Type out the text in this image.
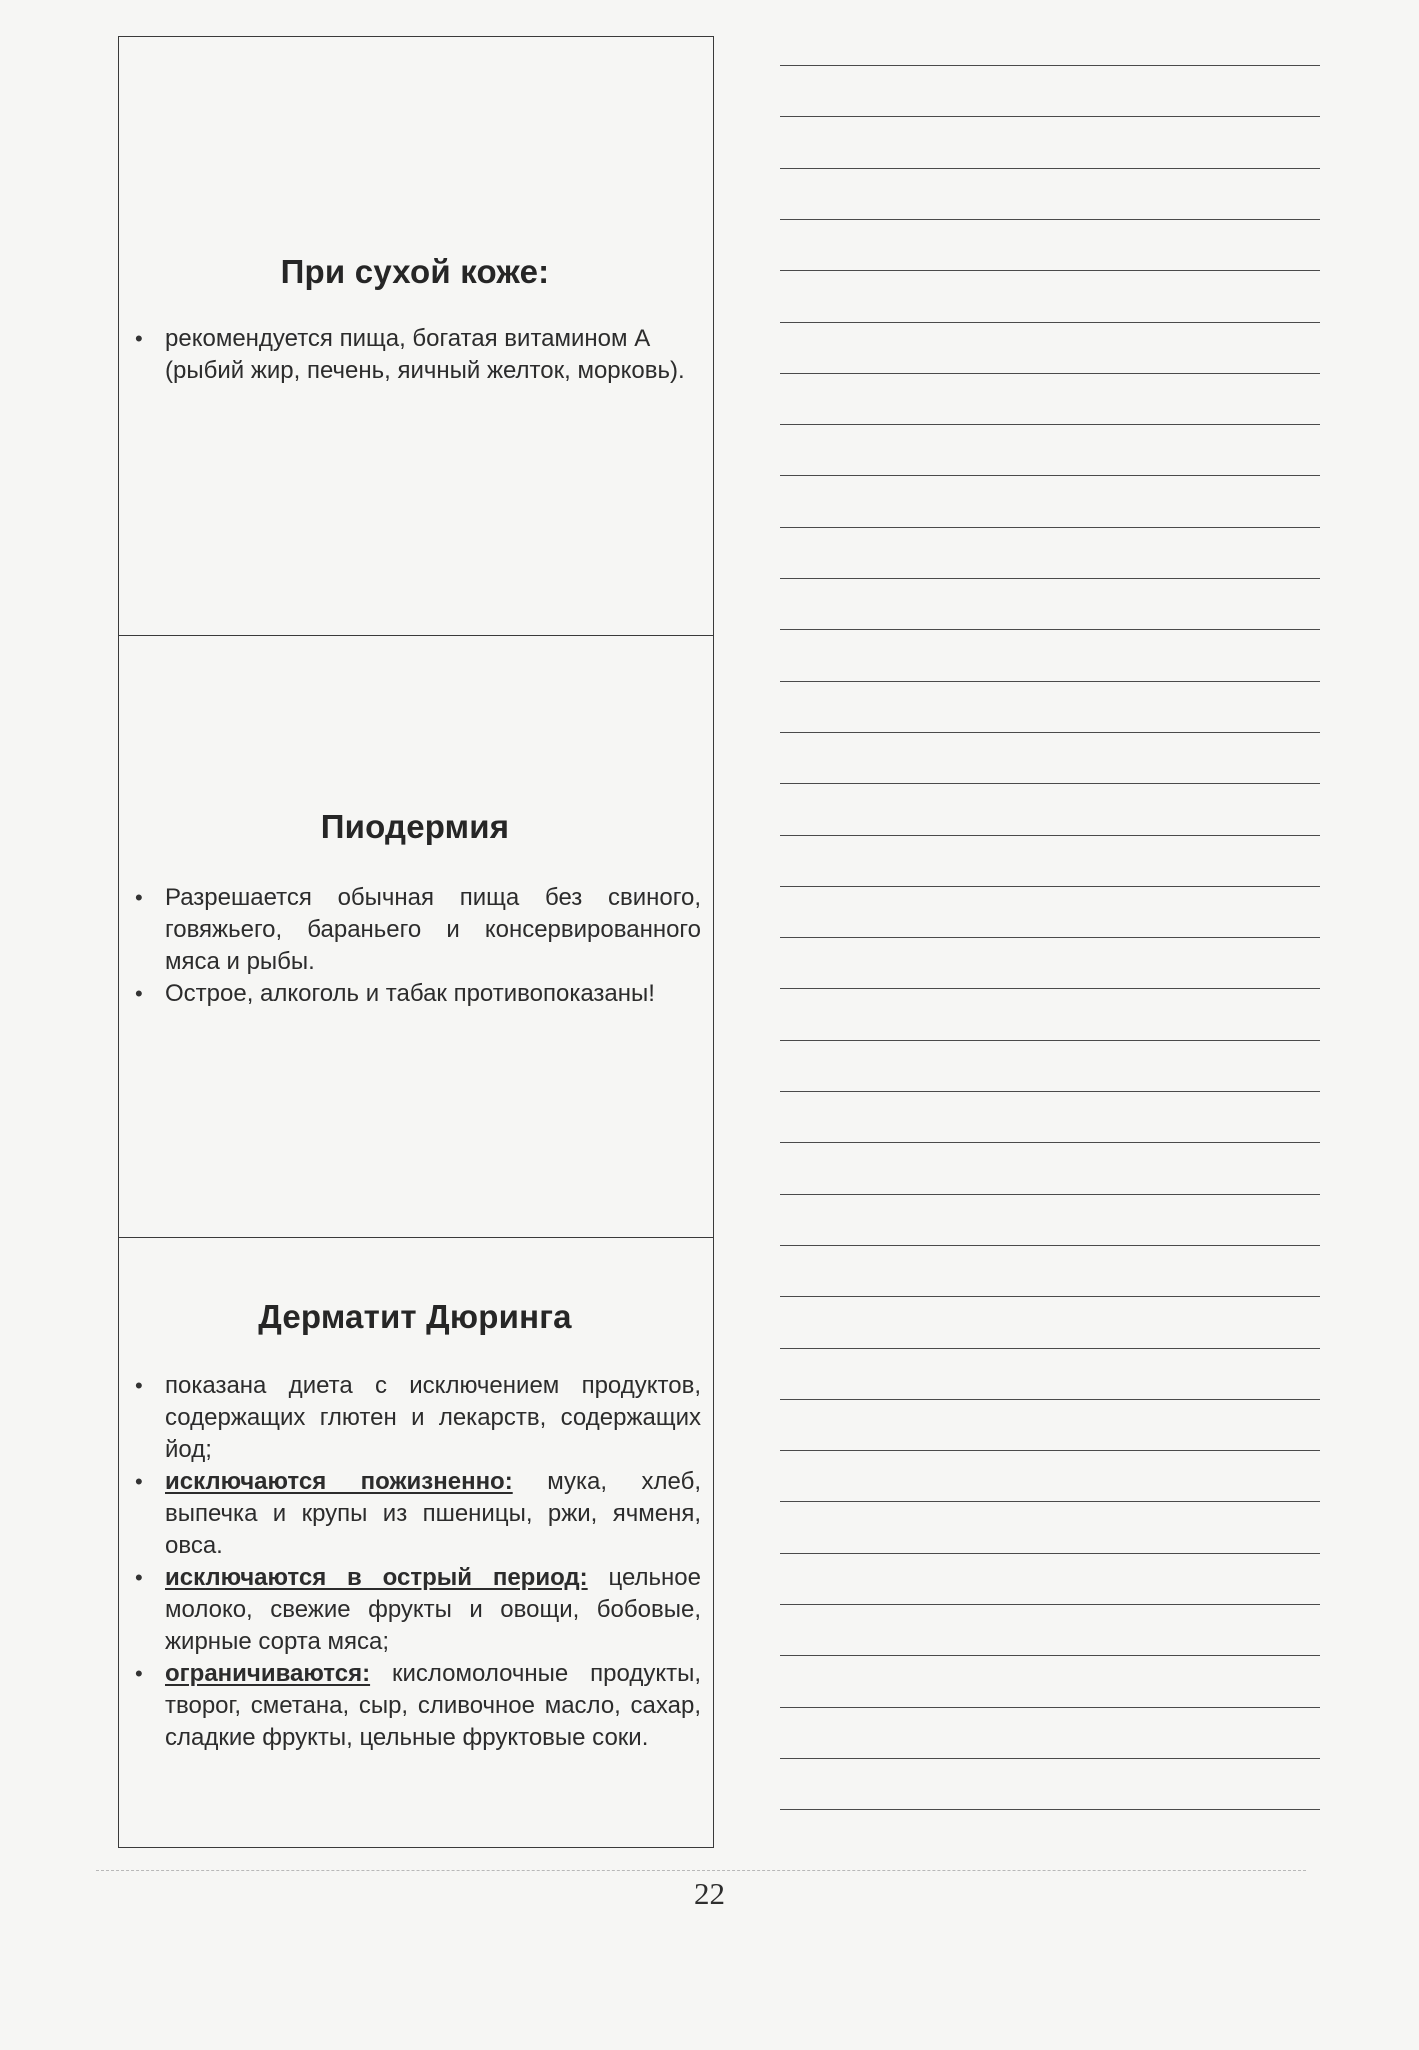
При сухой коже:
• рекомендуется пища, богатая витамином А (рыбий жир, печень, яичный желток, морковь).
Пиодермия
• Разрешается обычная пища без свиного, говяжьего, бараньего и консервированного мяса и рыбы.
• Острое, алкоголь и табак противопоказаны!
Дерматит Дюринга
• показана диета с исключением продуктов, содержащих глютен и лекарств, содержащих йод;
• исключаются пожизненно: мука, хлеб, выпечка и крупы из пшеницы, ржи, ячменя, овса.
• исключаются в острый период: цельное молоко, свежие фрукты и овощи, бобовые, жирные сорта мяса;
• ограничиваются: кисломолочные продукты, творог, сметана, сыр, сливочное масло, сахар, сладкие фрукты, цельные фруктовые соки.
22
